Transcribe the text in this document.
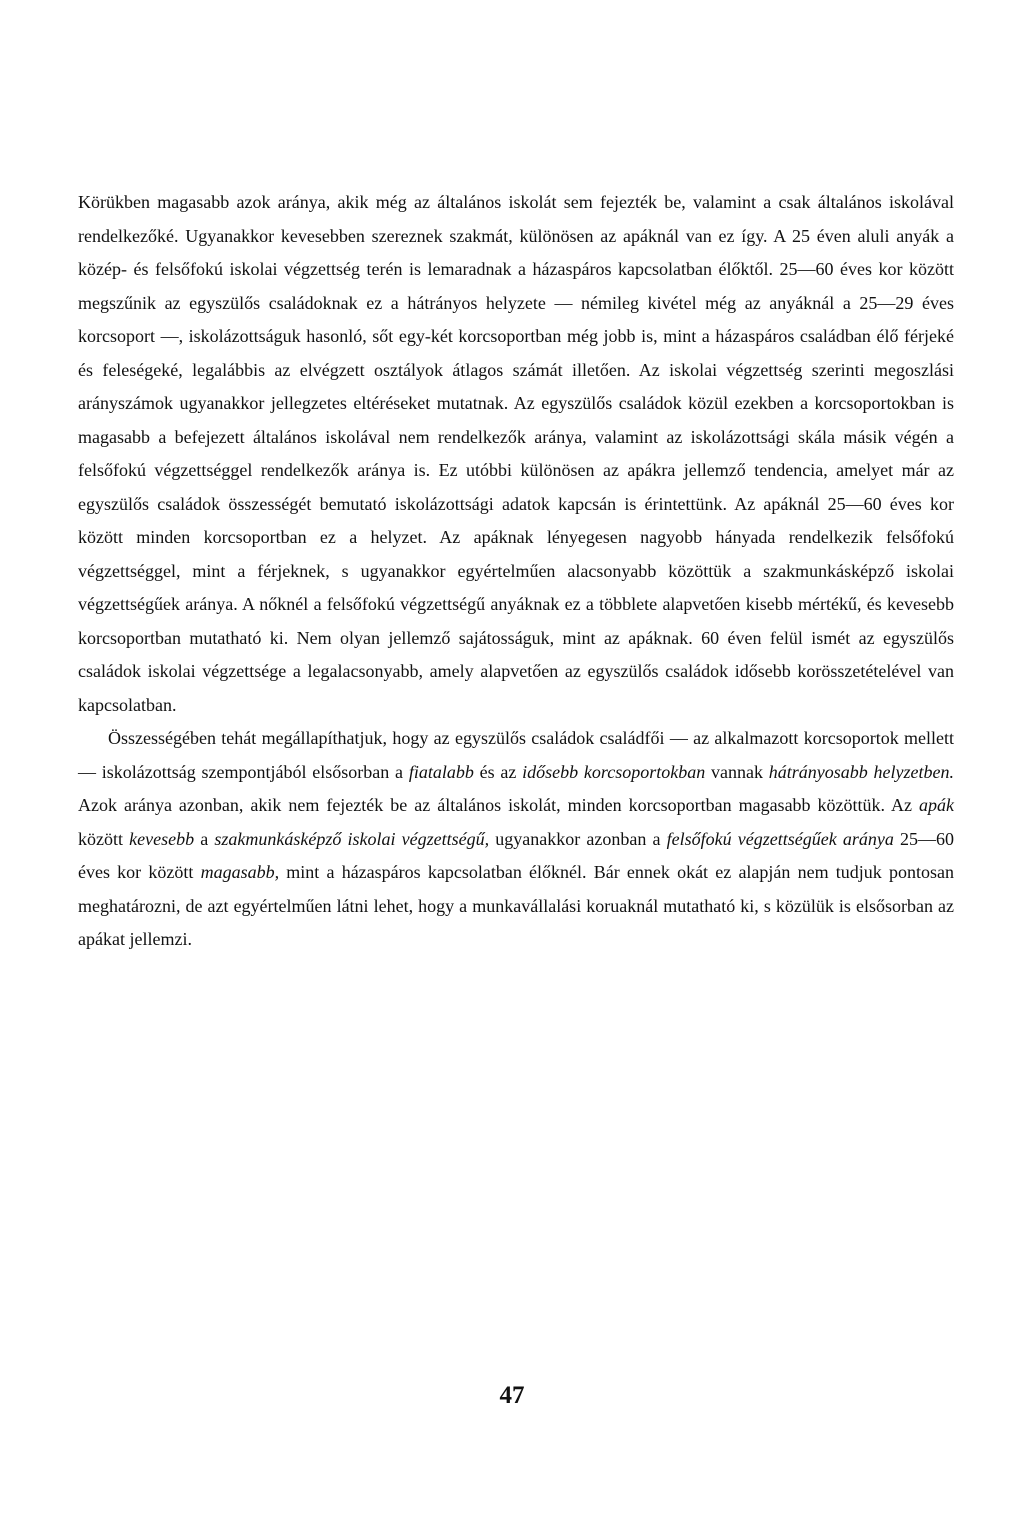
Körükben magasabb azok aránya, akik még az általános iskolát sem fejezték be, valamint a csak általános iskolával rendelkezőké. Ugyanakkor kevesebben szereznek szakmát, különösen az apáknál van ez így. A 25 éven aluli anyák a közép- és felsőfokú iskolai végzettség terén is lemaradnak a házaspáros kapcsolatban élőktől. 25—60 éves kor között megszűnik az egyszülős családoknak ez a hátrányos helyzete — némileg kivétel még az anyáknál a 25—29 éves korcsoport —, iskolázottságuk hasonló, sőt egy-két korcsoportban még jobb is, mint a házaspáros családban élő férjeké és feleségeké, legalábbis az elvégzett osztályok átlagos számát illetően. Az iskolai végzettség szerinti megoszlási arányszámok ugyanakkor jellegzetes eltéréseket mutatnak. Az egyszülős családok közül ezekben a korcsoportokban is magasabb a befejezett általános iskolával nem rendelkezők aránya, valamint az iskolázottsági skála másik végén a felsőfokú végzettséggel rendelkezők aránya is. Ez utóbbi különösen az apákra jellemző tendencia, amelyet már az egyszülős családok összességét bemutató iskolázottsági adatok kapcsán is érintettünk. Az apáknál 25—60 éves kor között minden korcsoportban ez a helyzet. Az apáknak lényegesen nagyobb hányada rendelkezik felsőfokú végzettséggel, mint a férjeknek, s ugyanakkor egyértelműen alacsonyabb közöttük a szakmunkásképző iskolai végzettségűek aránya. A nőknél a felsőfokú végzettségű anyáknak ez a többlete alapvetően kisebb mértékű, és kevesebb korcsoportban mutatható ki. Nem olyan jellemző sajátosságuk, mint az apáknak. 60 éven felül ismét az egyszülős családok iskolai végzettsége a legalacsonyabb, amely alapvetően az egyszülős családok idősebb korösszetételével van kapcsolatban.

Összességében tehát megállapíthatjuk, hogy az egyszülős családok családfői — az alkalmazott korcsoportok mellett — iskolázottság szempontjából elsősorban a fiatalabb és az idősebb korcsoportokban vannak hátrányosabb helyzetben. Azok aránya azonban, akik nem fejezték be az általános iskolát, minden korcsoportban magasabb közöttük. Az apák között kevesebb a szakmunkásképző iskolai végzettségű, ugyanakkor azonban a felsőfokú végzettségűek aránya 25—60 éves kor között magasabb, mint a házaspáros kapcsolatban élőknél. Bár ennek okát ez alapján nem tudjuk pontosan meghatározni, de azt egyértelműen látni lehet, hogy a munkavállalási koruaknál mutatható ki, s közülük is elsősorban az apákat jellemzi.

47
